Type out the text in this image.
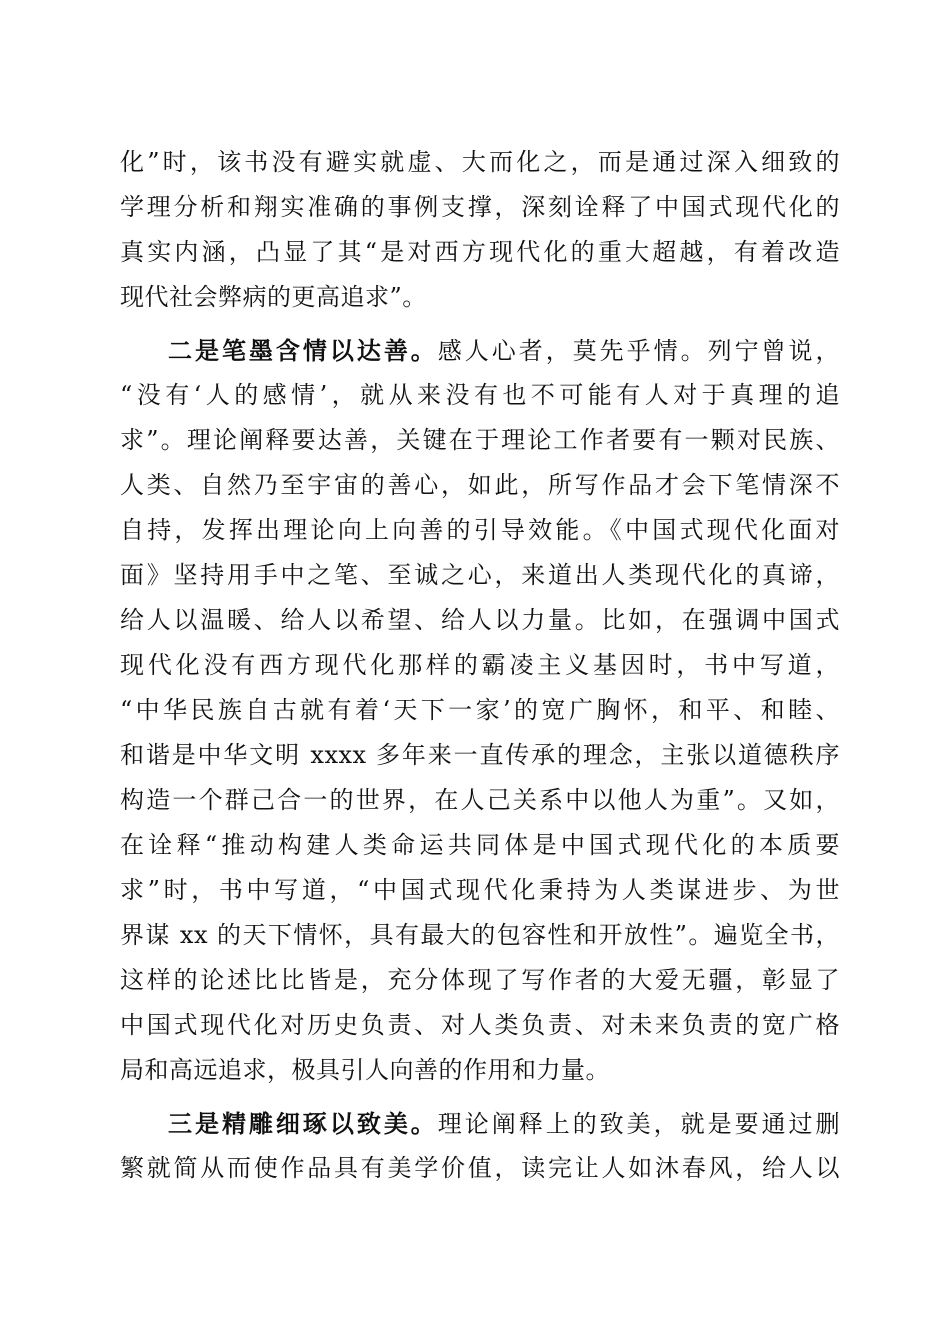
化”时，该书没有避实就虚、大而化之，而是通过深入细致的
学理分析和翔实准确的事例支撑，深刻诠释了中国式现代化的
真实内涵，凸显了其“是对西方现代化的重大超越，有着改造
现代社会弊病的更高追求”。
二是笔墨含情以达善。感人心者，莫先乎情。列宁曾说，
“没有‘人的感情’，就从来没有也不可能有人对于真理的追
求”。理论阐释要达善，关键在于理论工作者要有一颗对民族、
人类、自然乃至宇宙的善心，如此，所写作品才会下笔情深不
自持，发挥出理论向上向善的引导效能。《中国式现代化面对
面》坚持用手中之笔、至诚之心，来道出人类现代化的真谛，
给人以温暖、给人以希望、给人以力量。比如，在强调中国式
现代化没有西方现代化那样的霸凌主义基因时，书中写道，
“中华民族自古就有着‘天下一家’的宽广胸怀，和平、和睦、
和谐是中华文明 xxxx 多年来一直传承的理念，主张以道德秩序
构造一个群己合一的世界，在人己关系中以他人为重”。又如，
在诠释“推动构建人类命运共同体是中国式现代化的本质要
求”时，书中写道，“中国式现代化秉持为人类谋进步、为世
界谋 xx 的天下情怀，具有最大的包容性和开放性”。遍览全书，
这样的论述比比皆是，充分体现了写作者的大爱无疆，彰显了
中国式现代化对历史负责、对人类负责、对未来负责的宽广格
局和高远追求，极具引人向善的作用和力量。
三是精雕细琢以致美。理论阐释上的致美，就是要通过删
繁就简从而使作品具有美学价值，读完让人如沐春风，给人以
